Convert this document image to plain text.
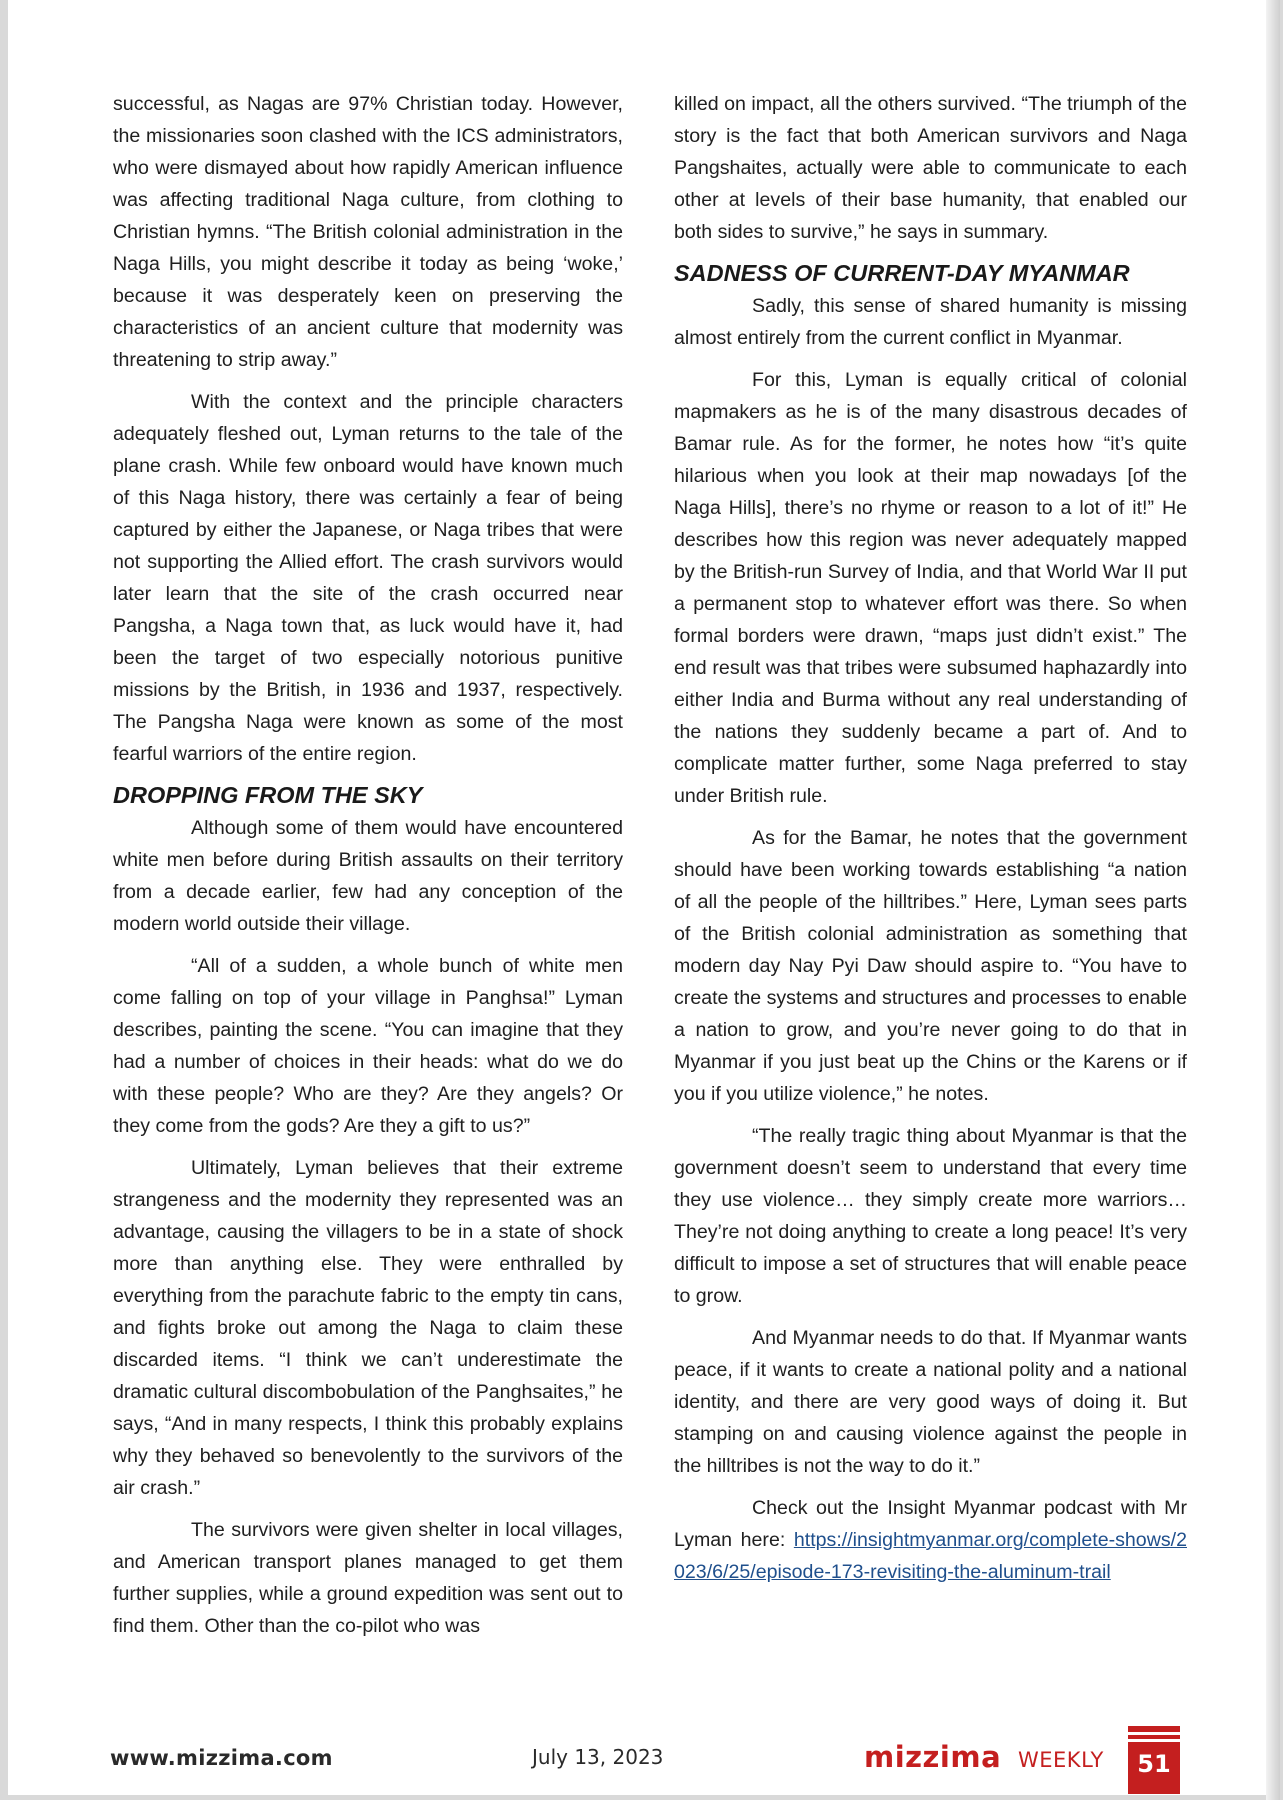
successful, as Nagas are 97% Christian today. However, the missionaries soon clashed with the ICS administrators, who were dismayed about how rapidly American influence was affecting traditional Naga culture, from clothing to Christian hymns. “The British colonial administration in the Naga Hills, you might describe it today as being ‘woke,’ because it was desperately keen on preserving the characteristics of an ancient culture that modernity was threatening to strip away.”

With the context and the principle characters adequately fleshed out, Lyman returns to the tale of the plane crash. While few onboard would have known much of this Naga history, there was certainly a fear of being captured by either the Japanese, or Naga tribes that were not supporting the Allied effort. The crash survivors would later learn that the site of the crash occurred near Pangsha, a Naga town that, as luck would have it, had been the target of two especially notorious punitive missions by the British, in 1936 and 1937, respectively. The Pangsha Naga were known as some of the most fearful warriors of the entire region.

DROPPING FROM THE SKY

Although some of them would have encountered white men before during British assaults on their territory from a decade earlier, few had any conception of the modern world outside their village.

“All of a sudden, a whole bunch of white men come falling on top of your village in Panghsa!” Lyman describes, painting the scene. “You can imagine that they had a number of choices in their heads: what do we do with these people? Who are they? Are they angels? Or they come from the gods? Are they a gift to us?”

Ultimately, Lyman believes that their extreme strangeness and the modernity they represented was an advantage, causing the villagers to be in a state of shock more than anything else. They were enthralled by everything from the parachute fabric to the empty tin cans, and fights broke out among the Naga to claim these discarded items. “I think we can’t underestimate the dramatic cultural discombobulation of the Panghsaites,” he says, “And in many respects, I think this probably explains why they behaved so benevolently to the survivors of the air crash.”

The survivors were given shelter in local villages, and American transport planes managed to get them further supplies, while a ground expedition was sent out to find them. Other than the co-pilot who was

killed on impact, all the others survived. “The triumph of the story is the fact that both American survivors and Naga Pangshaites, actually were able to communicate to each other at levels of their base humanity, that enabled our both sides to survive,” he says in summary.

SADNESS OF CURRENT-DAY MYANMAR

Sadly, this sense of shared humanity is missing almost entirely from the current conflict in Myanmar.

For this, Lyman is equally critical of colonial mapmakers as he is of the many disastrous decades of Bamar rule. As for the former, he notes how “it’s quite hilarious when you look at their map nowadays [of the Naga Hills], there’s no rhyme or reason to a lot of it!” He describes how this region was never adequately mapped by the British-run Survey of India, and that World War II put a permanent stop to whatever effort was there. So when formal borders were drawn, “maps just didn’t exist.” The end result was that tribes were subsumed haphazardly into either India and Burma without any real understanding of the nations they suddenly became a part of. And to complicate matter further, some Naga preferred to stay under British rule.

As for the Bamar, he notes that the government should have been working towards establishing “a nation of all the people of the hilltribes.” Here, Lyman sees parts of the British colonial administration as something that modern day Nay Pyi Daw should aspire to. “You have to create the systems and structures and processes to enable a nation to grow, and you’re never going to do that in Myanmar if you just beat up the Chins or the Karens or if you if you utilize violence,” he notes.

“The really tragic thing about Myanmar is that the government doesn’t seem to understand that every time they use violence… they simply create more warriors… They’re not doing anything to create a long peace! It’s very difficult to impose a set of structures that will enable peace to grow.

And Myanmar needs to do that. If Myanmar wants peace, if it wants to create a national polity and a national identity, and there are very good ways of doing it. But stamping on and causing violence against the people in the hilltribes is not the way to do it.”

Check out the Insight Myanmar podcast with Mr Lyman here: https://insightmyanmar.org/complete-shows/2023/6/25/episode-173-revisiting-the-aluminum-trail

www.mizzima.com	July 13, 2023	mizzima WEEKLY	51
